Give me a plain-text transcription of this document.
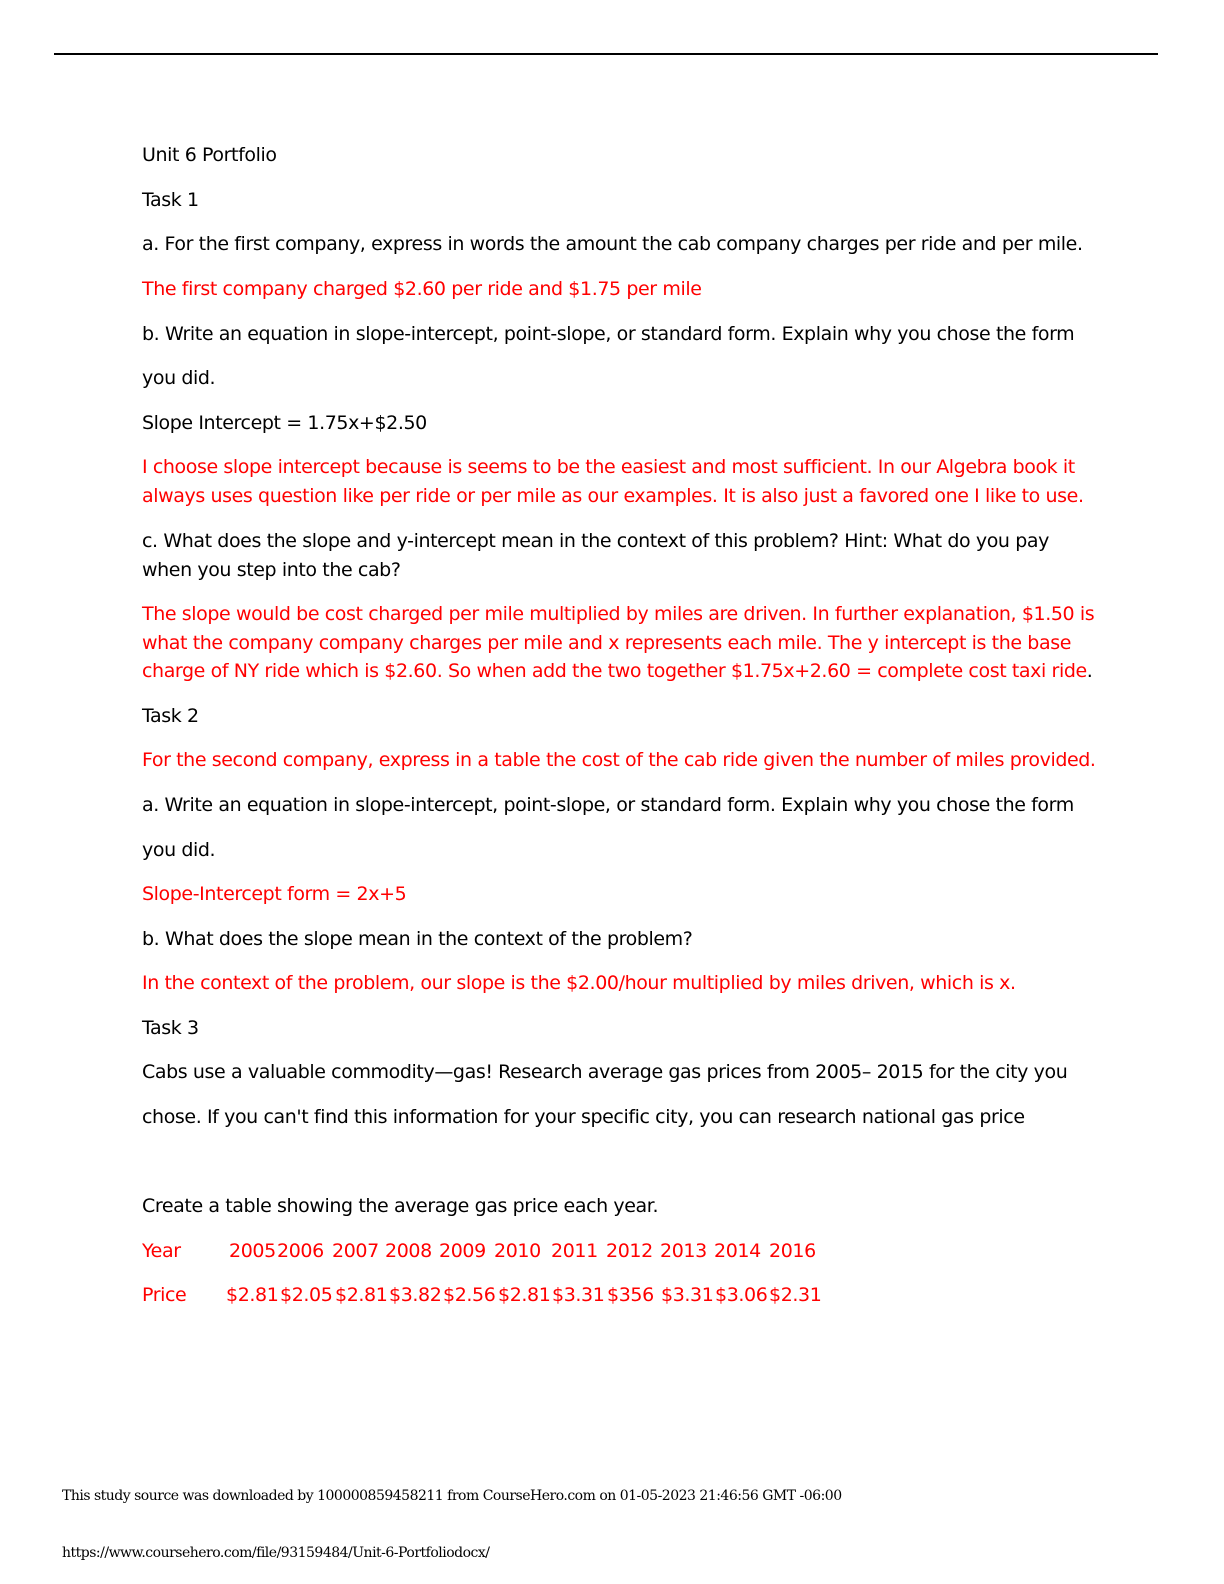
Unit 6 Portfolio
Task 1
a. For the first company, express in words the amount the cab company charges per ride and per mile.
The first company charged $2.60 per ride and $1.75 per mile
b. Write an equation in slope-intercept, point-slope, or standard form. Explain why you chose the form
you did.
Slope Intercept = 1.75x+$2.50
I choose slope intercept because is seems to be the easiest and most sufficient. In our Algebra book it
always uses question like per ride or per mile as our examples. It is also just a favored one I like to use.
c. What does the slope and y-intercept mean in the context of this problem? Hint: What do you pay
when you step into the cab?
The slope would be cost charged per mile multiplied by miles are driven. In further explanation, $1.50 is
what the company company charges per mile and x represents each mile. The y intercept is the base
charge of NY ride which is $2.60. So when add the two together $1.75x+2.60 = complete cost taxi ride.
Task 2
For the second company, express in a table the cost of the cab ride given the number of miles provided.
a. Write an equation in slope-intercept, point-slope, or standard form. Explain why you chose the form
you did.
Slope-Intercept form = 2x+5
b. What does the slope mean in the context of the problem?
In the context of the problem, our slope is the $2.00/hour multiplied by miles driven, which is x.
Task 3
Cabs use a valuable commodity—gas! Research average gas prices from 2005– 2015 for the city you
chose. If you can't find this information for your specific city, you can research national gas price
Create a table showing the average gas price each year.
Year	2005 2006 2007 2008 2009 2010 2011 2012 2013 2014 2016
Price $2.81 $2.05 $2.81 $3.82 $2.56 $2.81 $3.31 $356 $3.31 $3.06 $2.31
This study source was downloaded by 100000859458211 from CourseHero.com on 01-05-2023 21:46:56 GMT -06:00
https://www.coursehero.com/file/93159484/Unit-6-Portfoliodocx/
